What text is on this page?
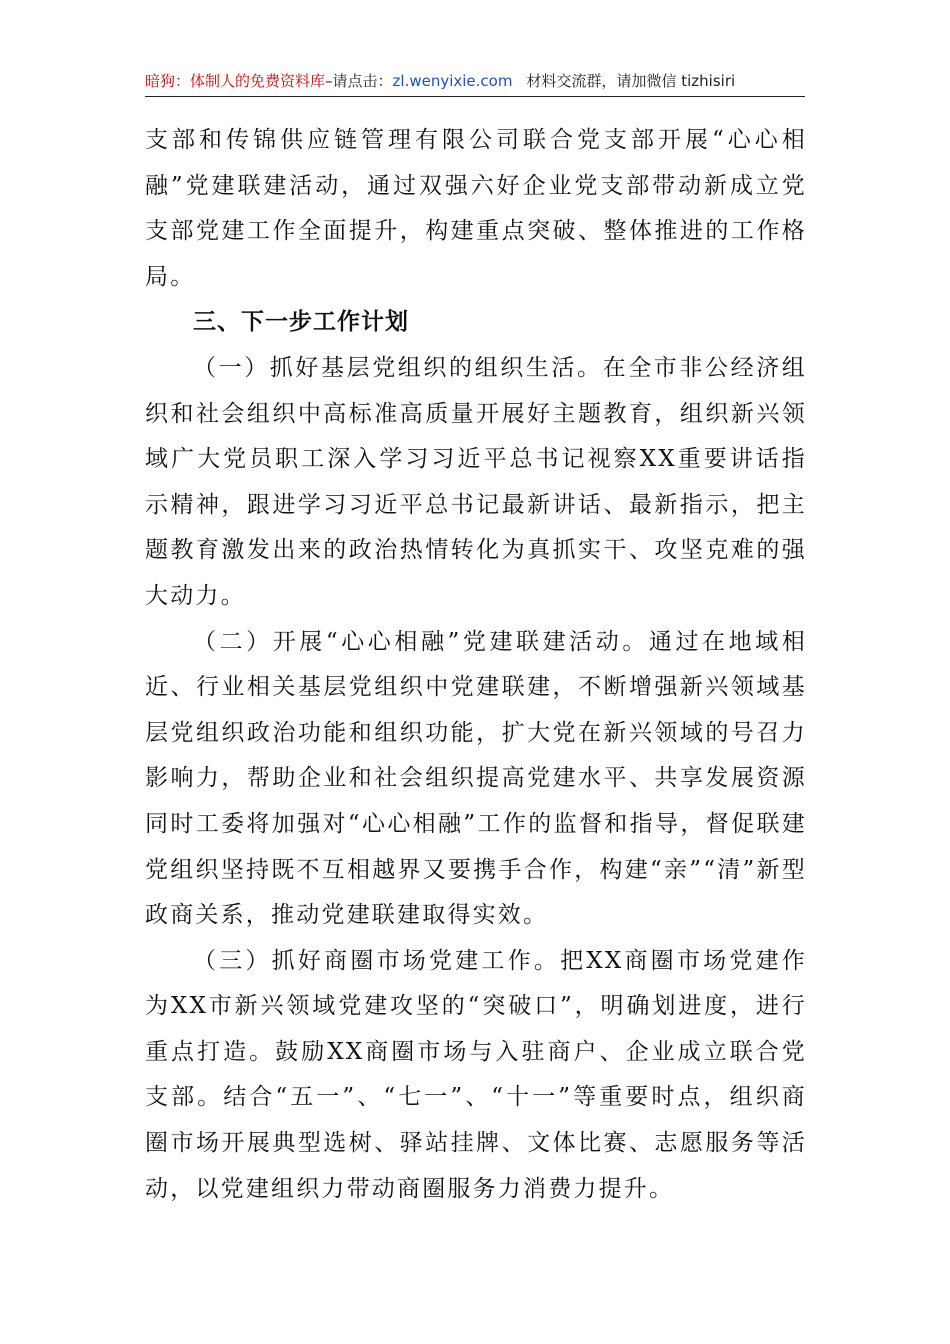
暗狗：体制人的免费资料库–请点击：zl.wenyixie.com 材料交流群，请加微信 tizhisiri

支部和传锦供应链管理有限公司联合党支部开展“心心相融”党建联建活动，通过双强六好企业党支部带动新成立党支部党建工作全面提升，构建重点突破、整体推进的工作格局。

三、下一步工作计划

（一）抓好基层党组织的组织生活。在全市非公经济组织和社会组织中高标准高质量开展好主题教育，组织新兴领域广大党员职工深入学习习近平总书记视察XX重要讲话指示精神，跟进学习习近平总书记最新讲话、最新指示，把主题教育激发出来的政治热情转化为真抓实干、攻坚克难的强大动力。

（二）开展“心心相融”党建联建活动。通过在地域相近、行业相关基层党组织中党建联建，不断增强新兴领域基层党组织政治功能和组织功能，扩大党在新兴领域的号召力影响力，帮助企业和社会组织提高党建水平、共享发展资源同时工委将加强对“心心相融”工作的监督和指导，督促联建党组织坚持既不互相越界又要携手合作，构建“亲”“清”新型政商关系，推动党建联建取得实效。

（三）抓好商圈市场党建工作。把XX商圈市场党建作为XX市新兴领域党建攻坚的“突破口”，明确划进度，进行重点打造。鼓励XX商圈市场与入驻商户、企业成立联合党支部。结合“五一”、“七一”、“十一”等重要时点，组织商圈市场开展典型选树、驿站挂牌、文体比赛、志愿服务等活动，以党建组织力带动商圈服务力消费力提升。
